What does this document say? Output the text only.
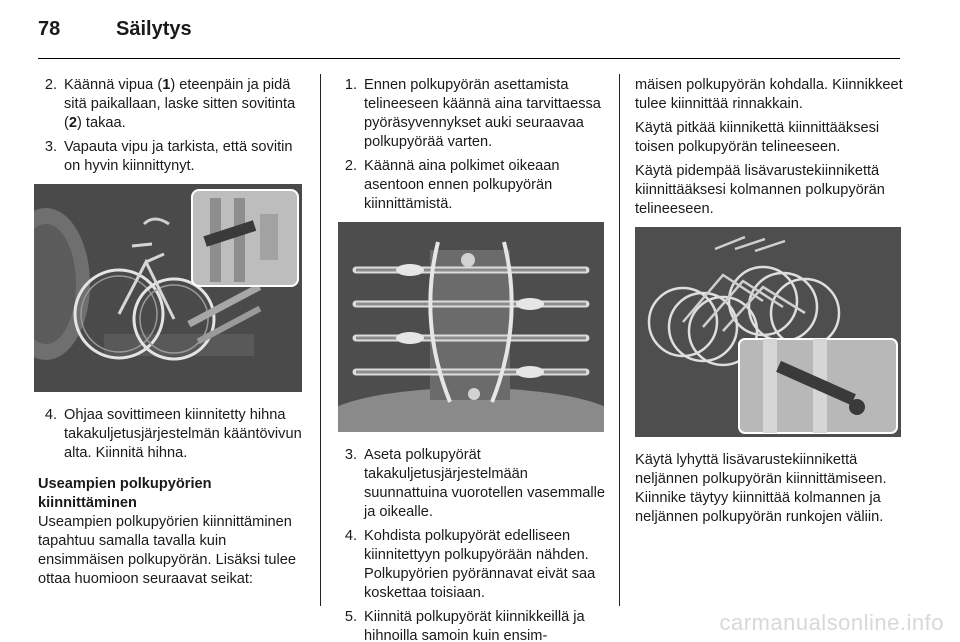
78	Säilytys
2. Käännä vipua (1) eteenpäin ja pidä sitä paikallaan, laske sitten sovitinta (2) takaa.
3. Vapauta vipu ja tarkista, että sovitin on hyvin kiinnittynyt.
4. Ohjaa sovittimeen kiinnitetty hihna takakuljetusjärjestelmän kääntövivun alta. Kiinnitä hihna.
Useampien polkupyörien
kiinnittäminen
Useampien polkupyörien kiinnittäminen tapahtuu samalla tavalla kuin ensimmäisen polkupyörän. Lisäksi tulee ottaa huomioon seuraavat seikat:
1. Ennen polkupyörän asettamista telineeseen käännä aina tarvittaessa pyöräsyvennykset auki seuraavaa polkupyörää varten.
2. Käännä aina polkimet oikeaan asentoon ennen polkupyörän kiinnittämistä.
3. Aseta polkupyörät takakuljetusjärjestelmään suunnattuina vuorotellen vasemmalle ja oikealle.
4. Kohdista polkupyörät edelliseen kiinnitettyyn polkupyörään nähden. Polkupyörien pyörännavat eivät saa koskettaa toisiaan.
5. Kiinnitä polkupyörät kiinnikkeillä ja hihnoilla samoin kuin ensim-
mäisen polkupyörän kohdalla. Kiinnikkeet tulee kiinnittää rinnakkain.
Käytä pitkää kiinnikettä kiinnittääksesi toisen polkupyörän telineeseen.
Käytä pidempää lisävarustekiinnikettä kiinnittääksesi kolmannen polkupyörän telineeseen.
Käytä lyhyttä lisävarustekiinnikettä neljännen polkupyörän kiinnittämiseen. Kiinnike täytyy kiinnittää kolmannen ja neljännen polkupyörän runkojen väliin.
carmanualsonline.info
